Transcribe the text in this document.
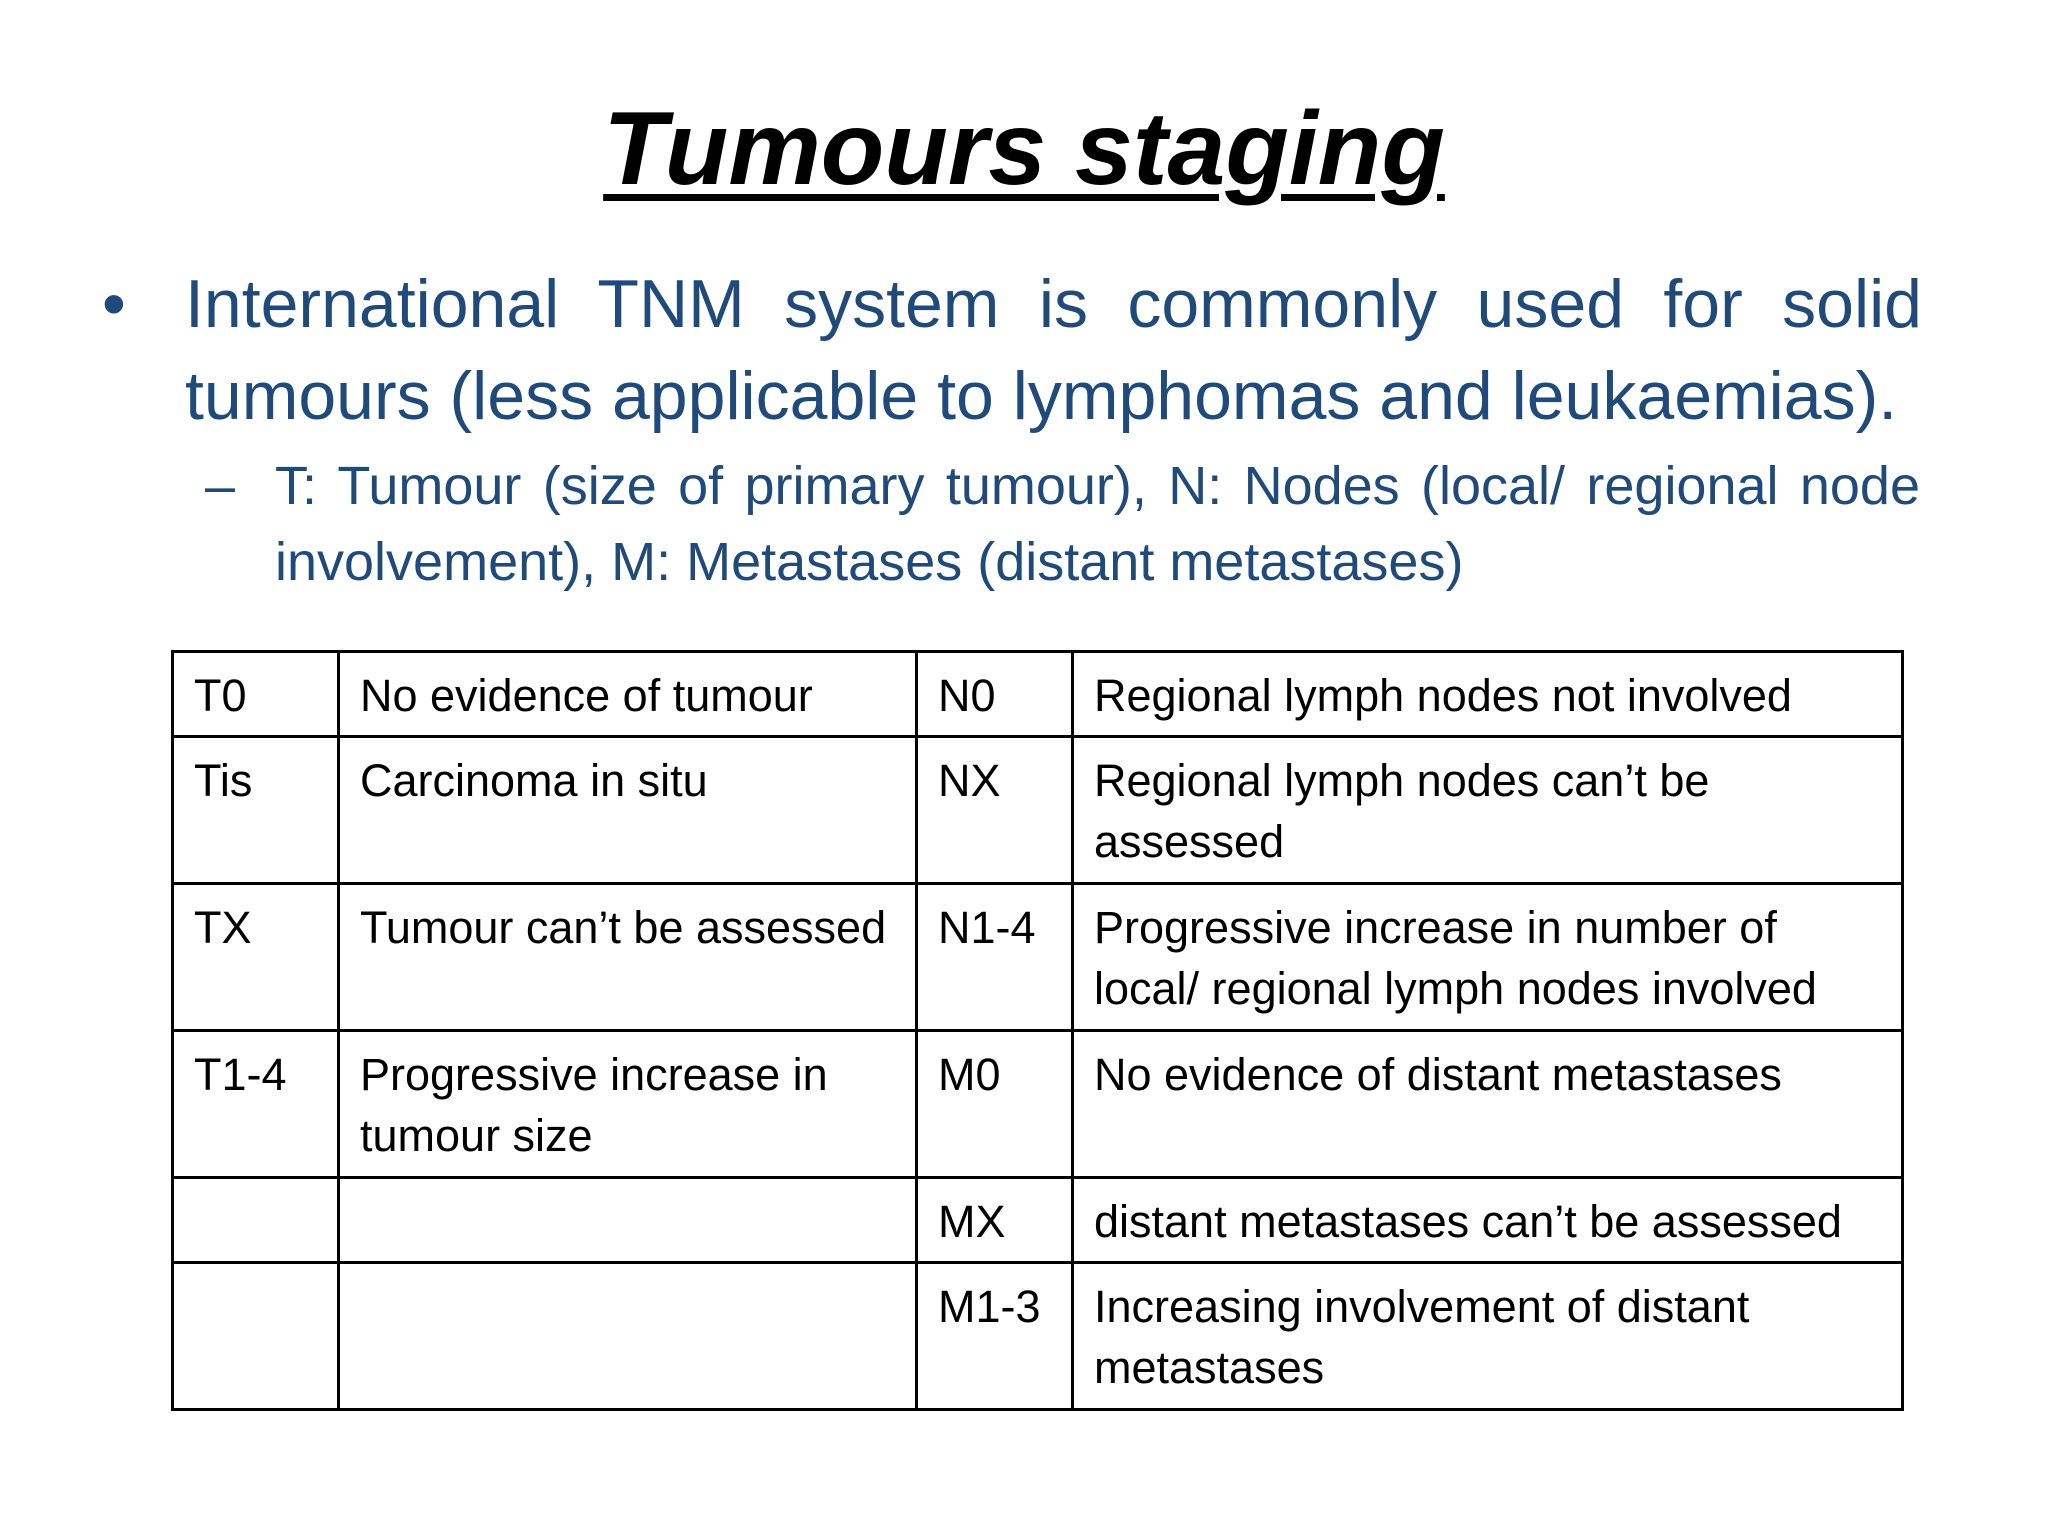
Tumours staging
• International TNM system is commonly used for solid tumours (less applicable to lymphomas and leukaemias).
– T: Tumour (size of primary tumour), N: Nodes (local/ regional node involvement), M: Metastases (distant metastases)
T0	No evidence of tumour	N0	Regional lymph nodes not involved
Tis	Carcinoma in situ	NX	Regional lymph nodes can’t be assessed
TX	Tumour can’t be assessed	N1-4	Progressive increase in number of local/ regional lymph nodes involved
T1-4	Progressive increase in tumour size	M0	No evidence of distant metastases
		MX	distant metastases can’t be assessed
		M1-3	Increasing involvement of distant metastases
